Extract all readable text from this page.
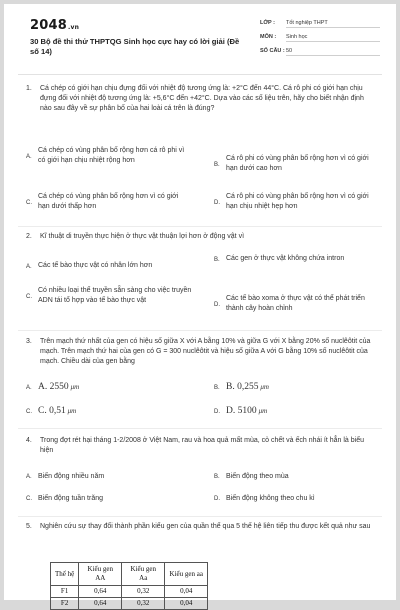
2048.vn
30 Bộ đề thi thử THPTQG Sinh học cực hay có lời giải (Đề số 14)
LỚP : Tốt nghiệp THPT
MÔN : Sinh học
SỐ CÂU :50
1. Cá chép có giới hạn chịu đựng đối với nhiệt độ tương ứng là: +2°C đến 44°C. Cá rô phi có giới hạn chịu đựng đối với nhiệt độ tương ứng là: +5,6°C đến +42°C. Dựa vào các số liệu trên, hãy cho biết nhận định nào sau đây về sự phân bố của hai loài cá trên là đúng?
A.Cá chép có vùng phân bố rộng hơn cá rô phi vì có giới hạn chịu nhiệt rộng hơn
B.Cá rô phi có vùng phân bố rộng hơn vì có giới hạn dưới cao hơn
C.Cá chép có vùng phân bố rộng hơn vì có giới hạn dưới thấp hơn
D.Cá rô phi có vùng phân bố rộng hơn vì có giới hạn chịu nhiệt hẹp hơn
2. Kĩ thuật di truyền thực hiện ở thực vật thuận lợi hơn ở động vật vì
A. Các tế bào thực vật có nhân lớn hơn
B. Các gen ở thực vật không chứa intron
C.Có nhiều loại thể truyền sẵn sàng cho việc truyền ADN tái tổ hợp vào tế bào thực vật
D.Các tế bào xoma ở thực vật có thể phát triển thành cây hoàn chỉnh
3. Trên mạch thứ nhất của gen có hiệu số giữa X với A bằng 10% và giữa G với X bằng 20% số nuclêôtit của mạch. Trên mạch thứ hai của gen có G = 300 nuclêôtit và hiệu số giữa A với G bằng 10% số nuclêôtit của mạch. Chiều dài của gen bằng
A. A. 2550 μm	B. B. 0,255 μm
C. C. 0,51 μm	D. D. 5100 μm
4. Trong đợt rét hại tháng 1-2/2008 ở Việt Nam, rau và hoa quả mất mùa, cỏ chết và ếch nhái ít hẳn là biểu hiện
A. Biến động nhiều năm	B. Biến động theo mùa
C. Biến động tuần trăng	D. Biến động không theo chu kì
5. Nghiên cứu sự thay đổi thành phần kiểu gen của quần thể qua 5 thế hệ liên tiếp thu được kết quả như sau
Thế hệ	Kiểu gen AA	Kiểu gen Aa	Kiểu gen aa
F1	0,64	0,32	0,04
F2	0,64	0,32	0,04
